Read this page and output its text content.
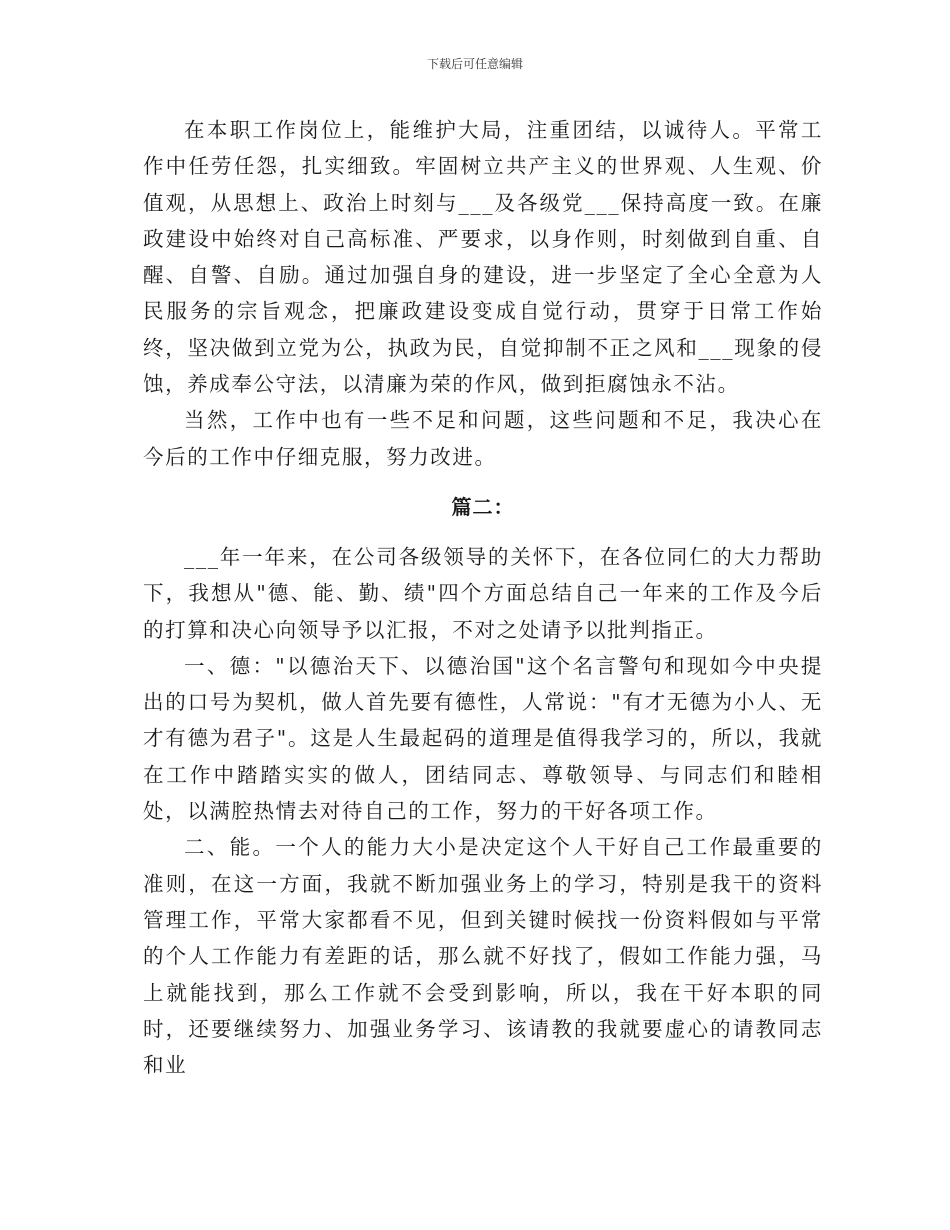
下载后可任意编辑

在本职工作岗位上，能维护大局，注重团结，以诚待人。平常工作中任劳任怨，扎实细致。牢固树立共产主义的世界观、人生观、价值观，从思想上、政治上时刻与___及各级党___保持高度一致。在廉政建设中始终对自己高标准、严要求，以身作则，时刻做到自重、自醒、自警、自励。通过加强自身的建设，进一步坚定了全心全意为人民服务的宗旨观念，把廉政建设变成自觉行动，贯穿于日常工作始终，坚决做到立党为公，执政为民，自觉抑制不正之风和___现象的侵蚀，养成奉公守法，以清廉为荣的作风，做到拒腐蚀永不沾。

当然，工作中也有一些不足和问题，这些问题和不足，我决心在今后的工作中仔细克服，努力改进。

篇二：

___年一年来，在公司各级领导的关怀下，在各位同仁的大力帮助下，我想从"德、能、勤、绩"四个方面总结自己一年来的工作及今后的打算和决心向领导予以汇报，不对之处请予以批判指正。

一、德："以德治天下、以德治国"这个名言警句和现如今中央提出的口号为契机，做人首先要有德性，人常说："有才无德为小人、无才有德为君子"。这是人生最起码的道理是值得我学习的，所以，我就在工作中踏踏实实的做人，团结同志、尊敬领导、与同志们和睦相处，以满腔热情去对待自己的工作，努力的干好各项工作。

二、能。一个人的能力大小是决定这个人干好自己工作最重要的准则，在这一方面，我就不断加强业务上的学习，特别是我干的资料管理工作，平常大家都看不见，但到关键时候找一份资料假如与平常的个人工作能力有差距的话，那么就不好找了，假如工作能力强，马上就能找到，那么工作就不会受到影响，所以，我在干好本职的同时，还要继续努力、加强业务学习、该请教的我就要虚心的请教同志和业
